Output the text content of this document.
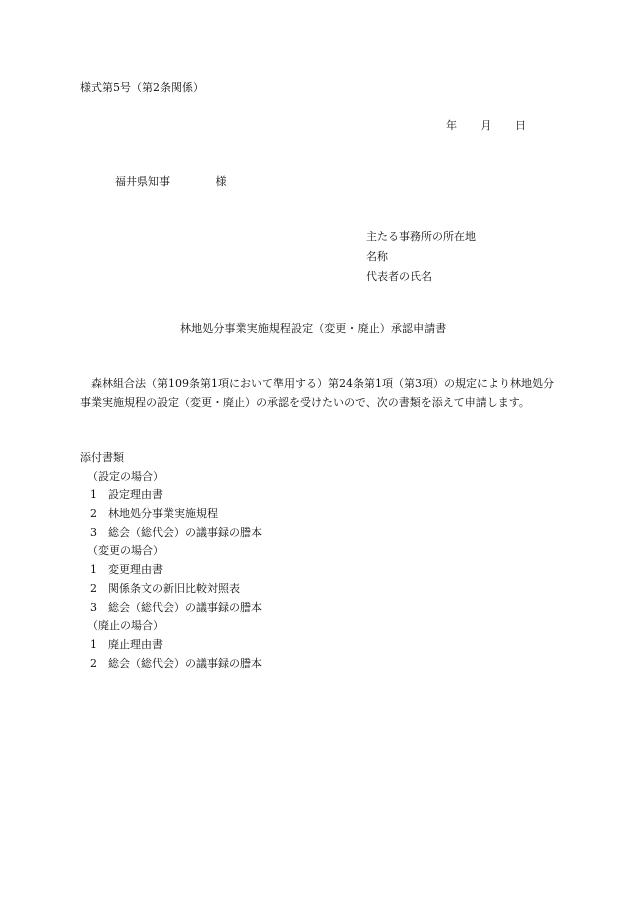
様式第5号（第2条関係）
年 月 日
福井県知事	様
主たる事務所の所在地
名称
代表者の氏名
林地処分事業実施規程設定（変更・廃止）承認申請書
森林組合法（第109条第1項において準用する）第24条第1項（第3項）の規定により林地処分
事業実施規程の設定（変更・廃止）の承認を受けたいので、次の書類を添えて申請します。
添付書類
（設定の場合）
1 設定理由書
2 林地処分事業実施規程
3 総会（総代会）の議事録の謄本
（変更の場合）
1 変更理由書
2 関係条文の新旧比較対照表
3 総会（総代会）の議事録の謄本
（廃止の場合）
1 廃止理由書
2 総会（総代会）の議事録の謄本
